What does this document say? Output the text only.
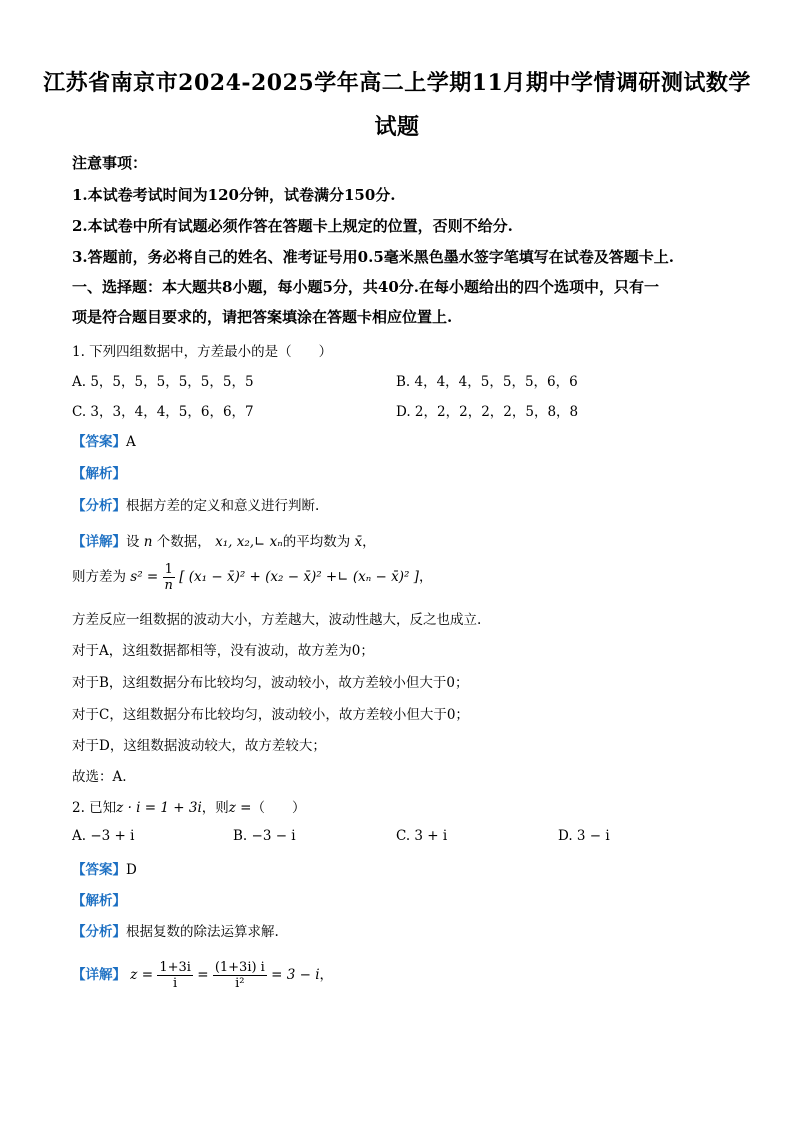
江苏省南京市2024-2025学年高二上学期11月期中学情调研测试数学
试题
注意事项：
1.本试卷考试时间为120分钟，试卷满分150分.
2.本试卷中所有试题必须作答在答题卡上规定的位置，否则不给分.
3.答题前，务必将自己的姓名、准考证号用0.5毫米黑色墨水签字笔填写在试卷及答题卡上.
一、选择题：本大题共8小题，每小题5分，共40分.在每小题给出的四个选项中，只有一
项是符合题目要求的，请把答案填涂在答题卡相应位置上.
1. 下列四组数据中，方差最小的是（　　）
A. 5，5，5，5，5，5，5，5	B. 4，4，4，5，5，5，6，6
C. 3，3，4，4，5，6，6，7	D. 2，2，2，2，2，5，8，8
【答案】A
【解析】
【分析】根据方差的定义和意义进行判断.
【详解】设 n 个数据， x₁, x₂,∟ xₙ的平均数为 x̄，
则方差为 $s^2 = \frac{1}{n}$ [ (x₁ − x̄)² + (x₂ − x̄)² +∟ (xₙ − x̄)² ]，
方差反应一组数据的波动大小，方差越大，波动性越大，反之也成立.
对于A，这组数据都相等，没有波动，故方差为0；
对于B，这组数据分布比较均匀，波动较小，故方差较小但大于0；
对于C，这组数据分布比较均匀，波动较小，故方差较小但大于0；
对于D，这组数据波动较大，故方差较大；
故选：A.
2. 已知z · i = 1 + 3i，则z =（　　）
A. −3 + i	B. −3 − i	C. 3 + i	D. 3 − i
【答案】D
【解析】
【分析】根据复数的除法运算求解.
【详解】 $z = \frac{1+3i}{i} = \frac{(1+3i) i}{\text{i²}} = 3 - i$，
